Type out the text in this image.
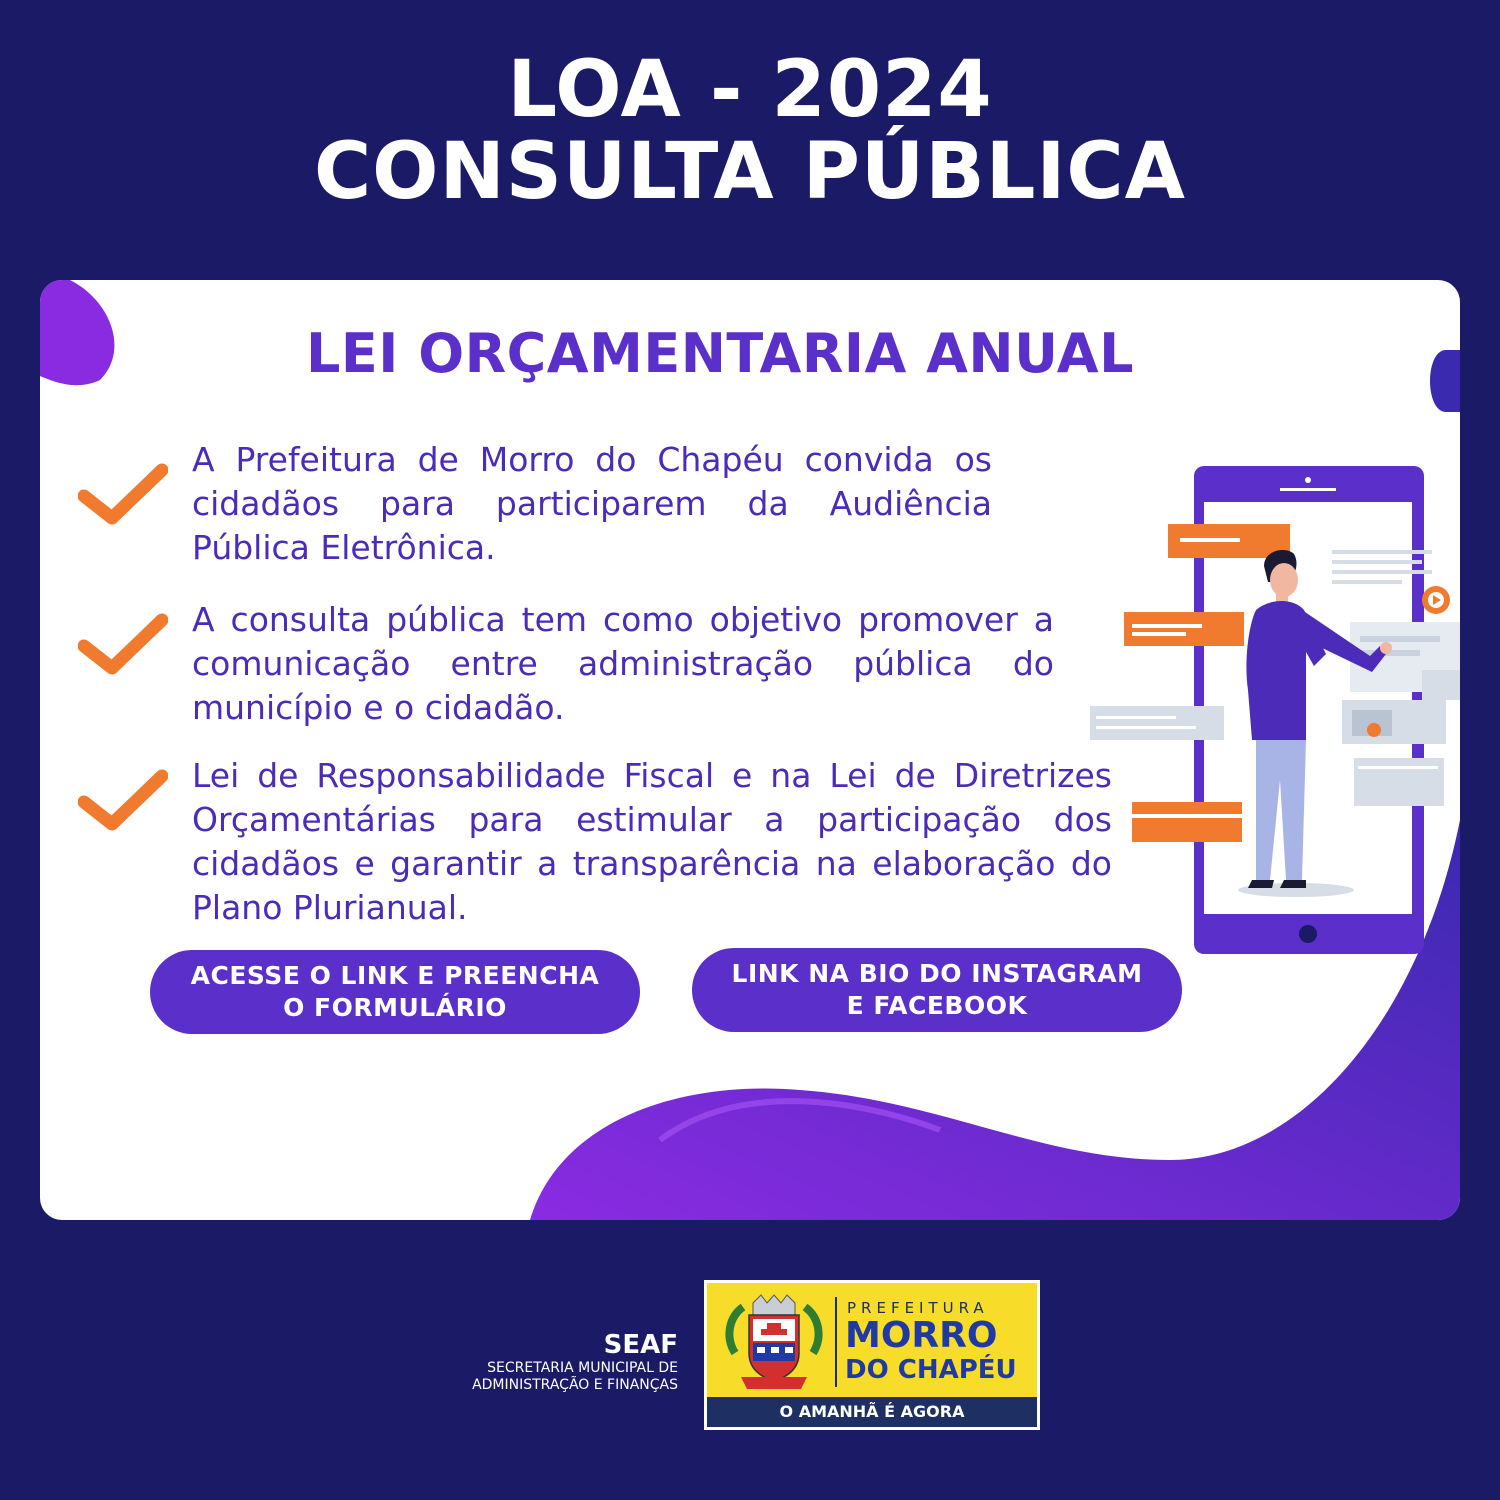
LOA - 2024
CONSULTA PÚBLICA
LEI ORÇAMENTARIA ANUAL
A Prefeitura de Morro do Chapéu convida os cidadãos para participarem da Audiência Pública Eletrônica.
A consulta pública tem como objetivo promover a comunicação entre administração pública do município e o cidadão.
Lei de Responsabilidade Fiscal e na Lei de Diretrizes Orçamentárias para estimular a participação dos cidadãos e garantir a transparência na elaboração do Plano Plurianual.
ACESSE O LINK E PREENCHA O FORMULÁRIO
LINK NA BIO DO INSTAGRAM E FACEBOOK
SEAF
SECRETARIA MUNICIPAL DE
ADMINISTRAÇÃO E FINANÇAS
PREFEITURA
MORRO
DO CHAPÉU
O AMANHÃ É AGORA
